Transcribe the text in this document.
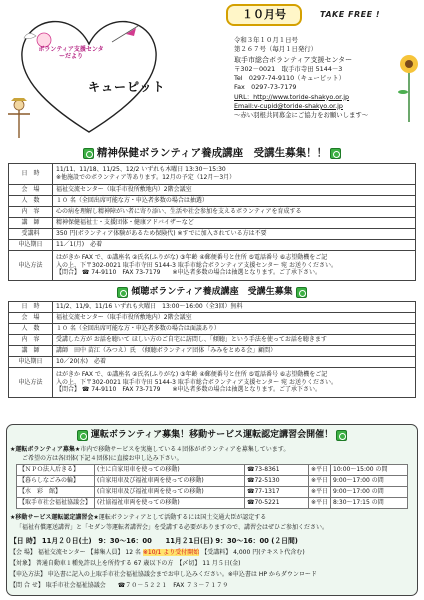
ボランティア支援センターだより
キューピット
１０月号	TAKE FREE !
令和３年１０月１日号
第２６７号（毎月１日発行）
取手市総合ボランティア支援センター
〒302－0021　取手市寺田 5144－3
Tel　0297-74-9110（キューピット）
Fax　0297-73-7179
URL：http://www.toride-shakyo.or.jp
Email:v-cupid@toride-shakyo.or.jp
～赤い羽根共同募金にご協力をお願いします～
精神保健ボランティア養成講座　受講生募集！！
日　時	11/11、11/18、11/25、12/2 いずれも木曜日 13:30～15:30
※他施設でのボランティア等あります。12月の予定（12月～3月）

会　場	福祉交流センター（取手市役所敷地内）2階会議室
人　数	１０ 名（全回出席可能な方・申込者多数の場合は抽選）
内　容	心の病を理解し精神障がい者に寄り添い、生活や社会参加を支えるボランティアを育成する
講　師	精神保健福祉士・支援団体・健康アドバイザーなど
受講料	350 円(ボランティア体験があるため保険代) ※すでに加入されている方は不要
申込期日	11／1(月)　必着
申込方法	はがきか FAX で、①講座名 ②氏名(ふりがな) ③年齢 ④郵便番号と住所 ⑤電話番号 ⑥志望動機をご記
入の上、下〒302-0021 取手市寺田 5144-3 取手市総合ボランティア支援センター 宛 お送りください。
【問合】 ☎ 74-9110　FAX 73-7179　　※申込者多数の場合は抽選となります。ご了承下さい。
傾聴ボランティア養成講座　受講生募集
日　時	11/2、11/9、11/16 いずれも火曜日　13:00～16:00（全3回）無料
会　場	福祉交流センター（取手市役所敷地内）2階会議室
人　数	１０ 名（全回出席可能な方・申込者多数の場合は面談あり）
内　容	受講した方が お話を聴いて ほしい方のご自宅に訪問し、「傾聴」という手法を使ってお話を聴きます
講　師	講師　田中 苗江（みつえ）氏　（傾聴ボランティア団体「みみをとめる会」顧問）
申込期日	10／20(水)　必着
申込方法	はがきか FAX で、①講座名 ②氏名(ふりがな) ③年齢 ④郵便番号と住所 ⑤電話番号 ⑥志望動機をご記
入の上、下〒302-0021 取手市寺田 5144-3 取手市総合ボランティア支援センター 宛 お送りください。
【問合】 ☎ 74-9110　FAX 73-7179　　※申込者多数の場合は抽選となります。ご了承下さい。
運転ボランティア募集！移動サービス運転認定講習会開催！
★運転ボランティア募集★市内で移動サービスを実施している４団体がボランティアを募集しています。
ご希望の方は各団体(下記４団体)に直接お申し込み下さい。
【ＮＰＯ法人后きる】	(主に自家用車を使っての移動)	☎73-8361	※平日	10:00～15:00 の間
【暮らしなごみの輪】	(自家用車及び福祉車両を使っての移動)	☎72-5130	※平日	9:00～17:00 の間
【水　彩　館】	(自家用車及び福祉車両を使っての移動)	☎77-1317	※平日	9:00～17:00 の間
【取手市社会福祉協議会】	(社協福祉車両を使っての移動)	☎70-5221	※平日	8:30～17:15 の間
★移動サービス運転認定講習会★運転ボランティアとして活動するには国土交通大臣が認定する
「福祉有償運送講習」と「セダン等運転者講習会」を受講する必要がありますので、講習会はぜひご参加ください。
【日 時】 11月２０日(土)　9：30～16：00　　11月２1日(日) 9：30～16：00 (２日間)
【会 場】 福祉交流センター 【募集人員】 12 名 ※10/1 より受付開始 【受講料】 4,000 円(テキスト代含む)
【対象】 普通自動車１種免許以上を所持する 67 歳以下の方　【〆切】 11 月５日(金)
【申込方法】 申込書に記入の上取手市社会福祉協議会までお申し込みください。※申込書は HP からダウンロード
【問 合 せ】 取手市社会福祉協議会　　☎７０－５２２１　FAX ７３－７１７９
